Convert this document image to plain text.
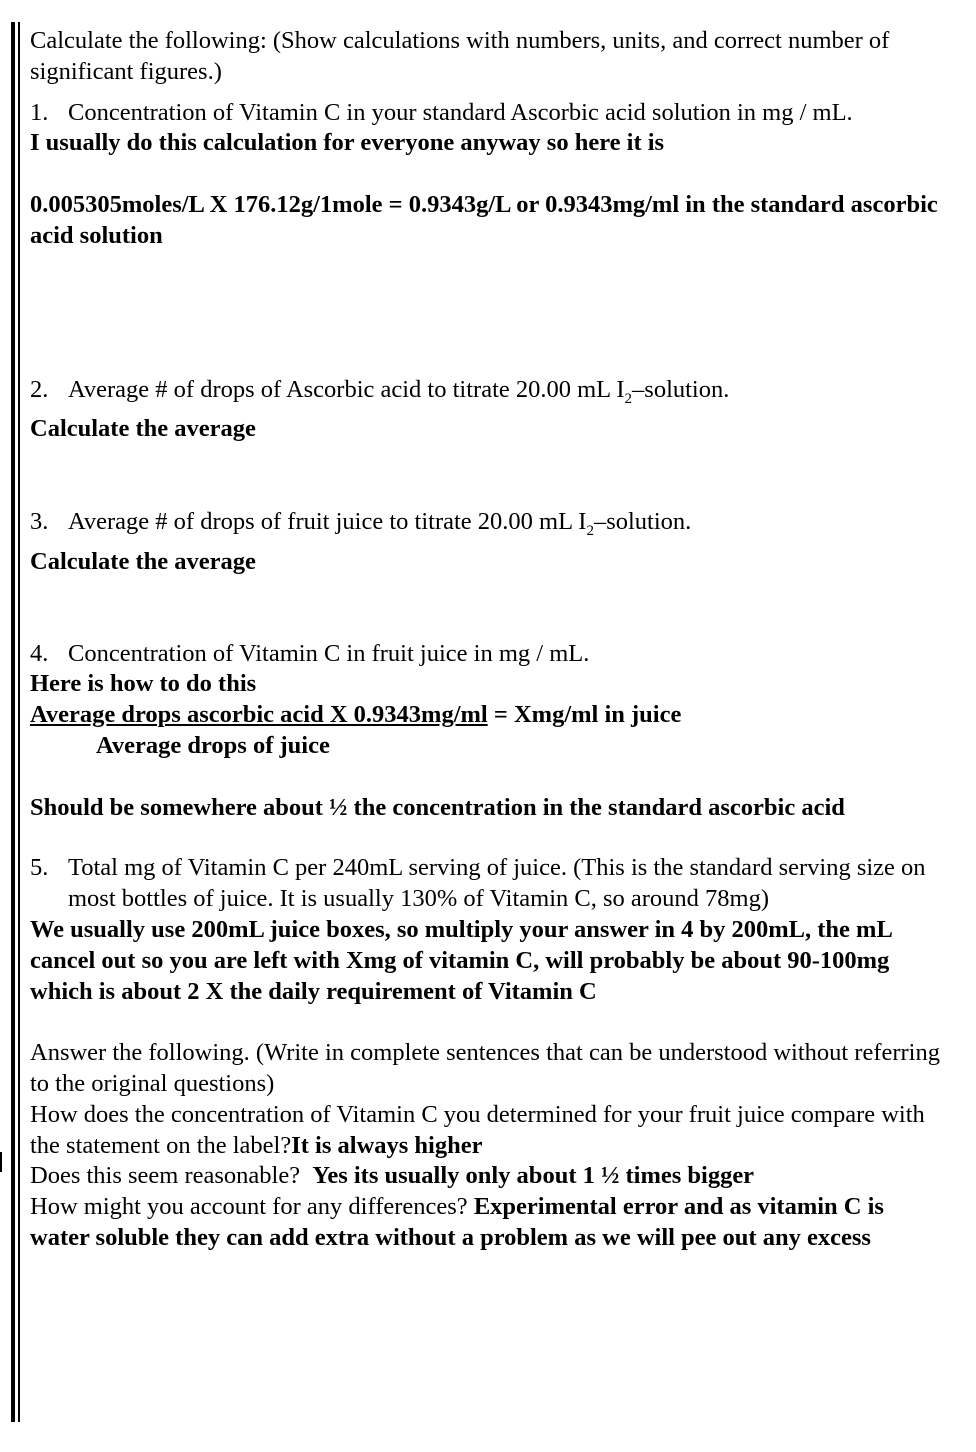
Calculate the following: (Show calculations with numbers, units, and correct number of significant figures.)

1. Concentration of Vitamin C in your standard Ascorbic acid solution in mg / mL.

I usually do this calculation for everyone anyway so here it is

0.005305moles/L X 176.12g/1mole = 0.9343g/L or 0.9343mg/ml in the standard ascorbic acid solution

2. Average # of drops of Ascorbic acid to titrate 20.00 mL $I_2$–solution.

Calculate the average

3. Average # of drops of fruit juice to titrate 20.00 mL $I_2$–solution.

Calculate the average

4. Concentration of Vitamin C in fruit juice in mg / mL.

Here is how to do this

Average drops ascorbic acid X 0.9343mg/ml = Xmg/ml in juice

Average drops of juice

Should be somewhere about ½ the concentration in the standard ascorbic acid

5. Total mg of Vitamin C per 240mL serving of juice. (This is the standard serving size on most bottles of juice. It is usually 130% of Vitamin C, so around 78mg)

We usually use 200mL juice boxes, so multiply your answer in 4 by 200mL, the mL cancel out so you are left with Xmg of vitamin C, will probably be about 90-100mg which is about 2 X the daily requirement of Vitamin C

Answer the following. (Write in complete sentences that can be understood without referring to the original questions)

How does the concentration of Vitamin C you determined for your fruit juice compare with the statement on the label?It is always higher

Does this seem reasonable?  Yes its usually only about 1 ½ times bigger

How might you account for any differences? Experimental error and as vitamin C is water soluble they can add extra without a problem as we will pee out any excess
